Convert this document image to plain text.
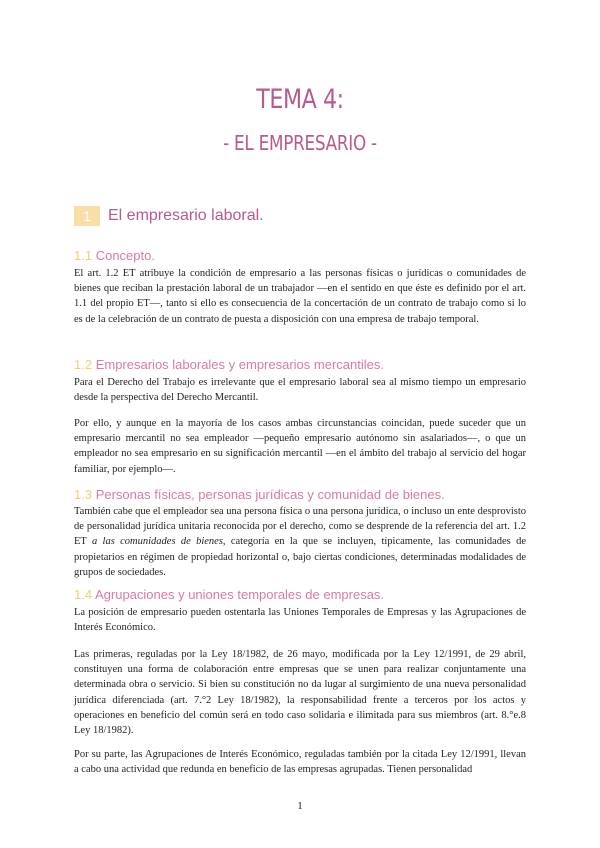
TEMA 4:
- EL EMPRESARIO -
1	El empresario laboral.
1.1 Concepto.

El art. 1.2 ET atribuye la condición de empresario a las personas físicas o jurídicas o comunidades de bienes que reciban la prestación laboral de un trabajador —en el sentido en que éste es definido por el art. 1.1 del propio ET—, tanto si ello es consecuencia de la concertación de un contrato de trabajo como si lo es de la celebración de un contrato de puesta a disposición con una empresa de trabajo temporal.

1.2 Empresarios laborales y empresarios mercantiles.

Para el Derecho del Trabajo es irrelevante que el empresario laboral sea al mismo tiempo un empresario desde la perspectiva del Derecho Mercantil.

Por ello, y aunque en la mayoría de los casos ambas circunstancias coincidan, puede suceder que un empresario mercantil no sea empleador —pequeño empresario autónomo sin asalariados—, o que un empleador no sea empresario en su significación mercantil —en el ámbito del trabajo al servicio del hogar familiar, por ejemplo—.

1.3 Personas físicas, personas jurídicas y comunidad de bienes.

También cabe que el empleador sea una persona física o una persona jurídica, o incluso un ente desprovisto de personalidad jurídica unitaria reconocida por el derecho, como se desprende de la referencia del art. 1.2 ET a las comunidades de bienes, categoría en la que se incluyen, típicamente, las comunidades de propietarios en régimen de propiedad horizontal o, bajo ciertas condiciones, determinadas modalidades de grupos de sociedades.

1.4 Agrupaciones y uniones temporales de empresas.

La posición de empresario pueden ostentarla las Uniones Temporales de Empresas y las Agrupaciones de Interés Económico.

Las primeras, reguladas por la Ley 18/1982, de 26 mayo, modificada por la Ley 12/1991, de 29 abril, constituyen una forma de colaboración entre empresas que se unen para realizar conjuntamente una determinada obra o servicio. Si bien su constitución no da lugar al surgimiento de una nueva personalidad jurídica diferenciada (art. 7.°2 Ley 18/1982), la responsabilidad frente a terceros por los actos y operaciones en beneficio del común será en todo caso solidaria e ilimitada para sus miembros (art. 8.°e.8 Ley 18/1982).

Por su parte, las Agrupaciones de Interés Económico, reguladas también por la citada Ley 12/1991, llevan a cabo una actividad que redunda en beneficio de las empresas agrupadas. Tienen personalidad

1
